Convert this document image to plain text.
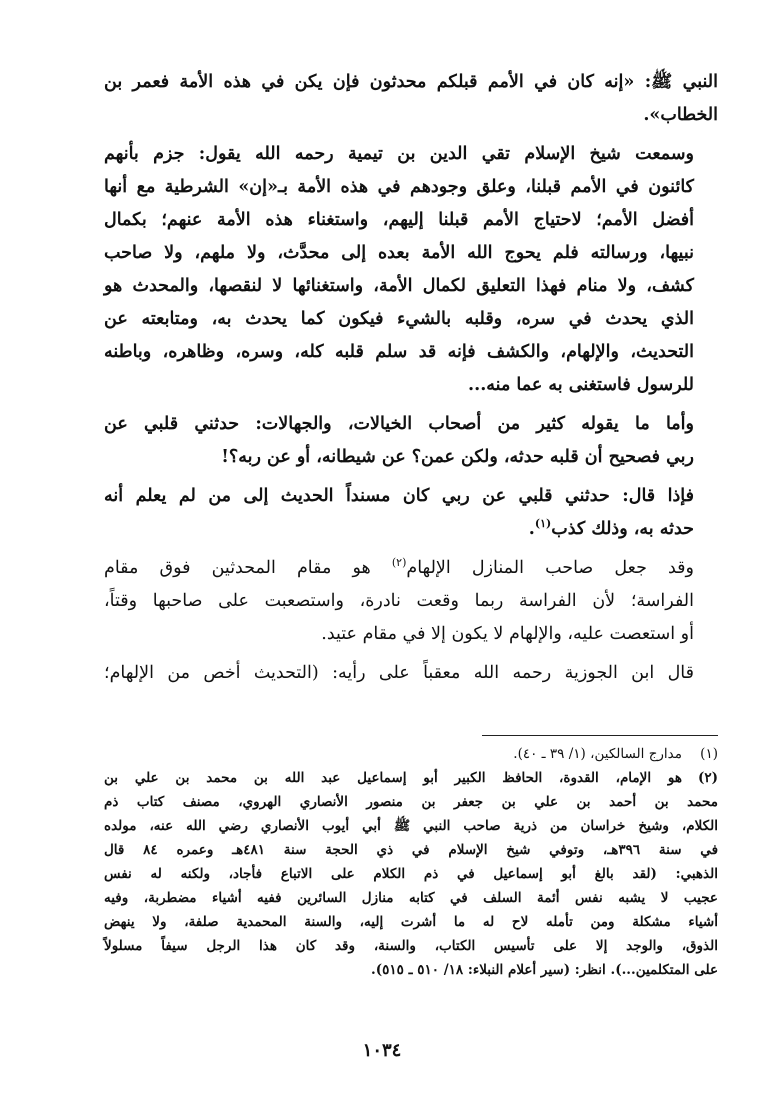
النبي ﷺ: «إنه كان في الأمم قبلكم محدثون فإن يكن في هذه الأمة فعمر بن
الخطاب».

وسمعت شيخ الإسلام تقي الدين بن تيمية رحمه الله يقول: جزم بأنهم
كائنون في الأمم قبلنا، وعلق وجودهم في هذه الأمة بـ«إن» الشرطية مع أنها
أفضل الأمم؛ لاحتياج الأمم قبلنا إليهم، واستغناء هذه الأمة عنهم؛ بكمال
نبيها، ورسالته فلم يحوج الله الأمة بعده إلى محدَّث، ولا ملهم، ولا صاحب
كشف، ولا منام فهذا التعليق لكمال الأمة، واستغنائها لا لنقصها، والمحدث هو
الذي يحدث في سره، وقلبه بالشيء فيكون كما يحدث به، ومتابعته عن
التحديث، والإلهام، والكشف فإنه قد سلم قلبه كله، وسره، وظاهره، وباطنه
للرسول فاستغنى به عما منه...

وأما ما يقوله كثير من أصحاب الخيالات، والجهالات: حدثني قلبي عن
ربي فصحيح أن قلبه حدثه، ولكن عمن؟ عن شيطانه، أو عن ربه؟!

فإذا قال: حدثني قلبي عن ربي كان مسنداً الحديث إلى من لم يعلم أنه
حدثه به، وذلك كذب$^{(١)}$.

وقد جعل صاحب المنازل الإلهام$^{(٢)}$ هو مقام المحدثين فوق مقام
الفراسة؛ لأن الفراسة ربما وقعت نادرة، واستصعبت على صاحبها وقتاً،
أو استعصت عليه، والإلهام لا يكون إلا في مقام عتيد.

قال ابن الجوزية رحمه الله معقباً على رأيه: (التحديث أخص من الإلهام؛

(١)مدارج السالكين، (١/ ٣٩ ـ ٤٠).

(٢)هو الإمام، القدوة، الحافظ الكبير أبو إسماعيل عبد الله بن محمد بن علي بن
محمد بن أحمد بن علي بن جعفر بن منصور الأنصاري الهروي، مصنف كتاب ذم
الكلام، وشيخ خراسان من ذرية صاحب النبي ﷺ أبي أيوب الأنصاري رضي الله عنه، مولده
في سنة ٣٩٦هـ، وتوفي شيخ الإسلام في ذي الحجة سنة ٤٨١هـ وعمره ٨٤ قال
الذهبي: (لقد بالغ أبو إسماعيل في ذم الكلام على الاتباع فأجاد، ولكنه له نفس
عجيب لا يشبه نفس أئمة السلف في كتابه منازل السائرين ففيه أشياء مضطربة، وفيه
أشياء مشكلة ومن تأمله لاح له ما أشرت إليه، والسنة المحمدية صلفة، ولا ينهض
الذوق، والوجد إلا على تأسيس الكتاب، والسنة، وقد كان هذا الرجل سيفاً مسلولاً
على المتكلمين...). انظر: (سير أعلام النبلاء: ١٨/ ٥١٠ ـ ٥١٥).

١٠٣٤
